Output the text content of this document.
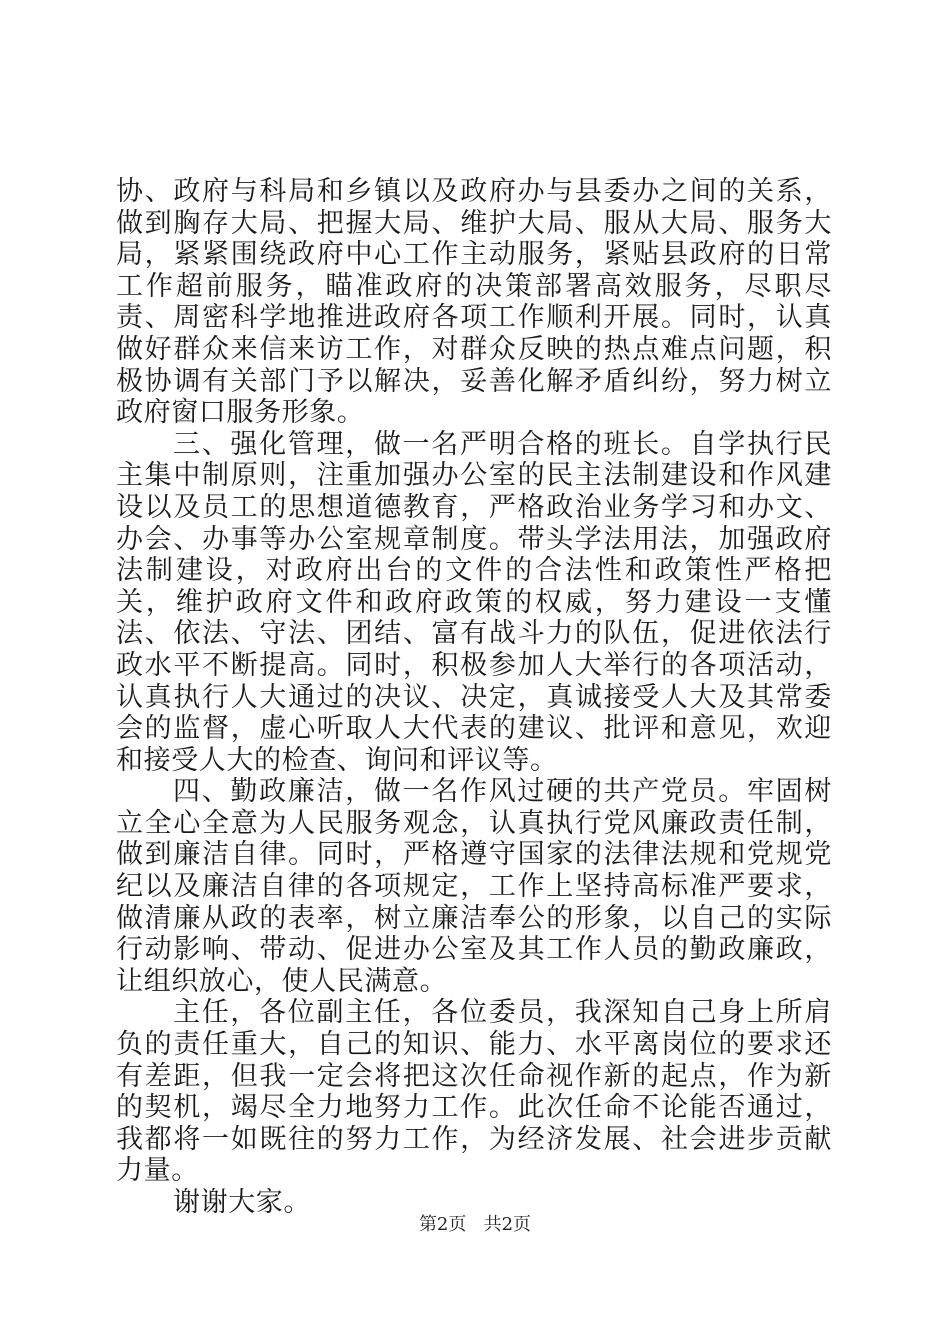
协、政府与科局和乡镇以及政府办与县委办之间的关系，做到胸存大局、把握大局、维护大局、服从大局、服务大局，紧紧围绕政府中心工作主动服务，紧贴县政府的日常工作超前服务，瞄准政府的决策部署高效服务，尽职尽责、周密科学地推进政府各项工作顺利开展。同时，认真做好群众来信来访工作，对群众反映的热点难点问题，积极协调有关部门予以解决，妥善化解矛盾纠纷，努力树立政府窗口服务形象。

三、强化管理，做一名严明合格的班长。自学执行民主集中制原则，注重加强办公室的民主法制建设和作风建设以及员工的思想道德教育，严格政治业务学习和办文、办会、办事等办公室规章制度。带头学法用法，加强政府法制建设，对政府出台的文件的合法性和政策性严格把关，维护政府文件和政府政策的权威，努力建设一支懂法、依法、守法、团结、富有战斗力的队伍，促进依法行政水平不断提高。同时，积极参加人大举行的各项活动，认真执行人大通过的决议、决定，真诚接受人大及其常委会的监督，虚心听取人大代表的建议、批评和意见，欢迎和接受人大的检查、询问和评议等。

四、勤政廉洁，做一名作风过硬的共产党员。牢固树立全心全意为人民服务观念，认真执行党风廉政责任制，做到廉洁自律。同时，严格遵守国家的法律法规和党规党纪以及廉洁自律的各项规定，工作上坚持高标准严要求，做清廉从政的表率，树立廉洁奉公的形象，以自己的实际行动影响、带动、促进办公室及其工作人员的勤政廉政，让组织放心，使人民满意。

主任，各位副主任，各位委员，我深知自己身上所肩负的责任重大，自己的知识、能力、水平离岗位的要求还有差距，但我一定会将把这次任命视作新的起点，作为新的契机，竭尽全力地努力工作。此次任命不论能否通过，我都将一如既往的努力工作，为经济发展、社会进步贡献力量。

谢谢大家。

第2页 共2页
